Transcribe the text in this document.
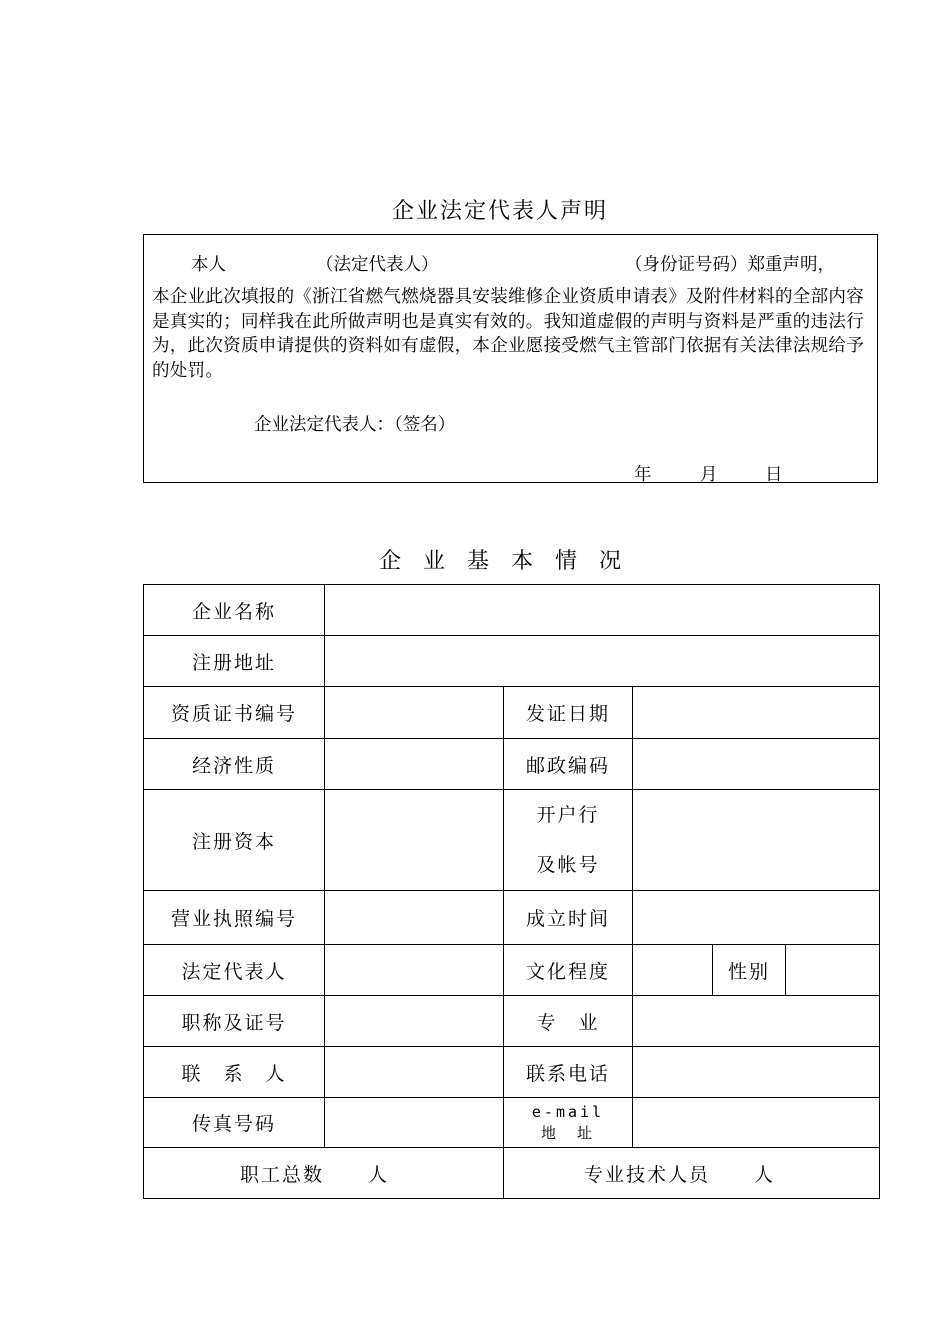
企业法定代表人声明
本人	（法定代表人）	（身份证号码）郑重声明，
本企业此次填报的《浙江省燃气燃烧器具安装维修企业资质申请表》及附件材料的全部内容是真实的；同样我在此所做声明也是真实有效的。我知道虚假的声明与资料是严重的违法行为，此次资质申请提供的资料如有虚假，本企业愿接受燃气主管部门依据有关法律法规给予的处罚。
企业法定代表人：（签名）
年	月	日
企　业　基　本　情　况
企业名称					
注册地址					
资质证书编号		发证日期			
经济性质		邮政编码			
注册资本		开户行
及帐号			

营业执照编号		成立时间			
法定代表人		文化程度		性别	
职称及证号		专　业			
联　系　人		联系电话			
传真号码		e-mail
地　址			

职工总数 人		专业技术人员 人			
